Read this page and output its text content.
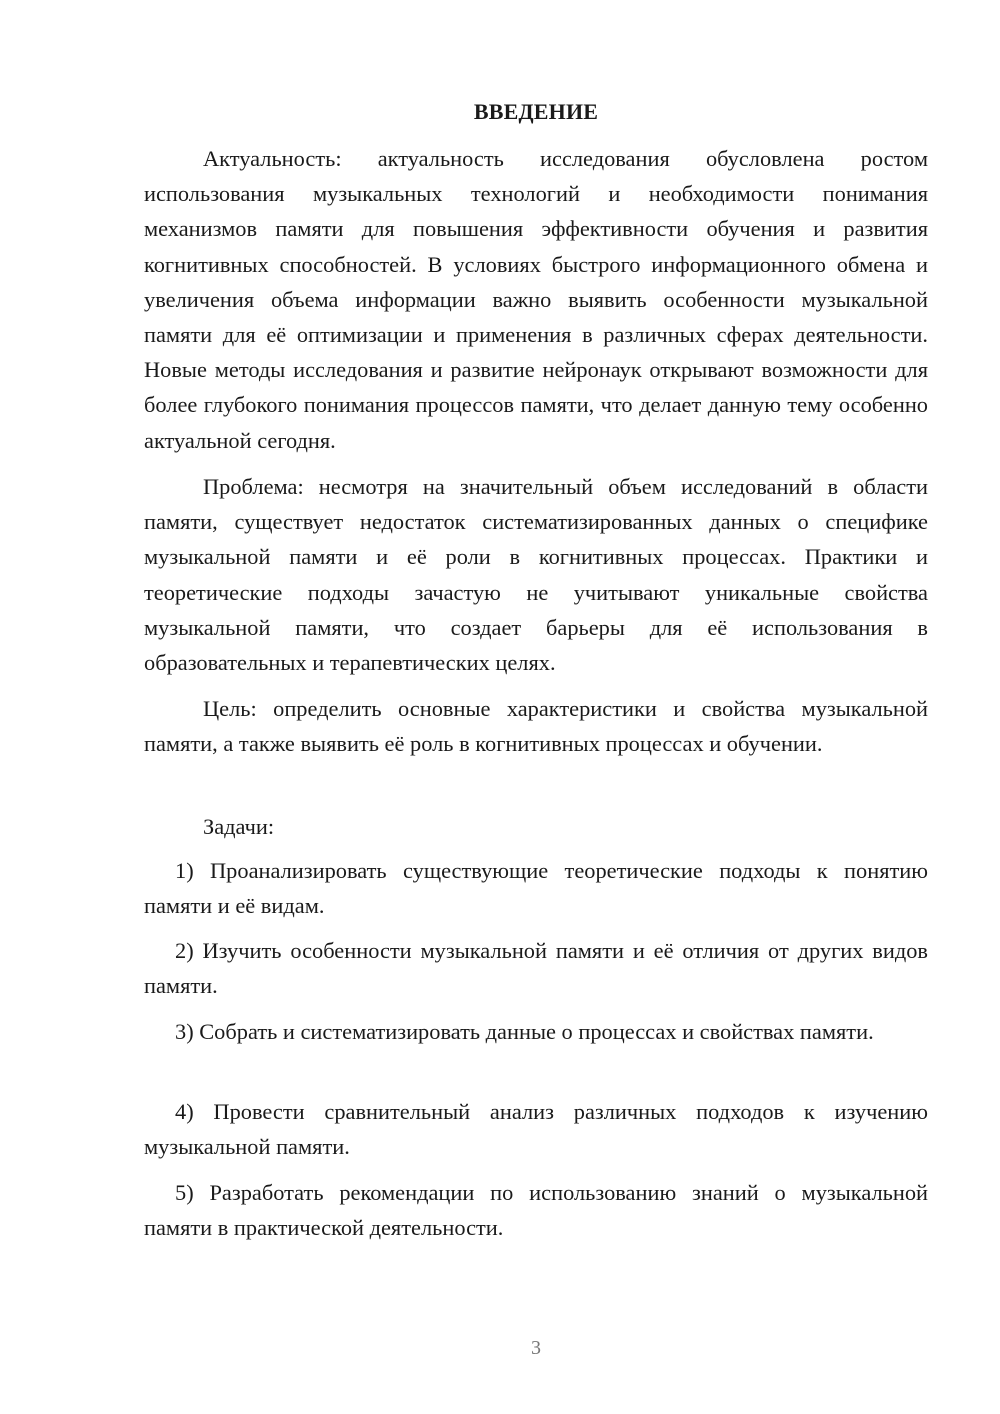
ВВЕДЕНИЕ

Актуальность: актуальность исследования обусловлена ростом использования музыкальных технологий и необходимости понимания механизмов памяти для повышения эффективности обучения и развития когнитивных способностей. В условиях быстрого информационного обмена и увеличения объема информации важно выявить особенности музыкальной памяти для её оптимизации и применения в различных сферах деятельности. Новые методы исследования и развитие нейронаук открывают возможности для более глубокого понимания процессов памяти, что делает данную тему особенно актуальной сегодня.

Проблема: несмотря на значительный объем исследований в области памяти, существует недостаток систематизированных данных о специфике музыкальной памяти и её роли в когнитивных процессах. Практики и теоретические подходы зачастую не учитывают уникальные свойства музыкальной памяти, что создает барьеры для её использования в образовательных и терапевтических целях.

Цель: определить основные характеристики и свойства музыкальной памяти, а также выявить её роль в когнитивных процессах и обучении.

Задачи:

1) Проанализировать существующие теоретические подходы к понятию памяти и её видам.

2) Изучить особенности музыкальной памяти и её отличия от других видов памяти.

3) Собрать и систематизировать данные о процессах и свойствах памяти.

4) Провести сравнительный анализ различных подходов к изучению музыкальной памяти.

5) Разработать рекомендации по использованию знаний о музыкальной памяти в практической деятельности.

3
